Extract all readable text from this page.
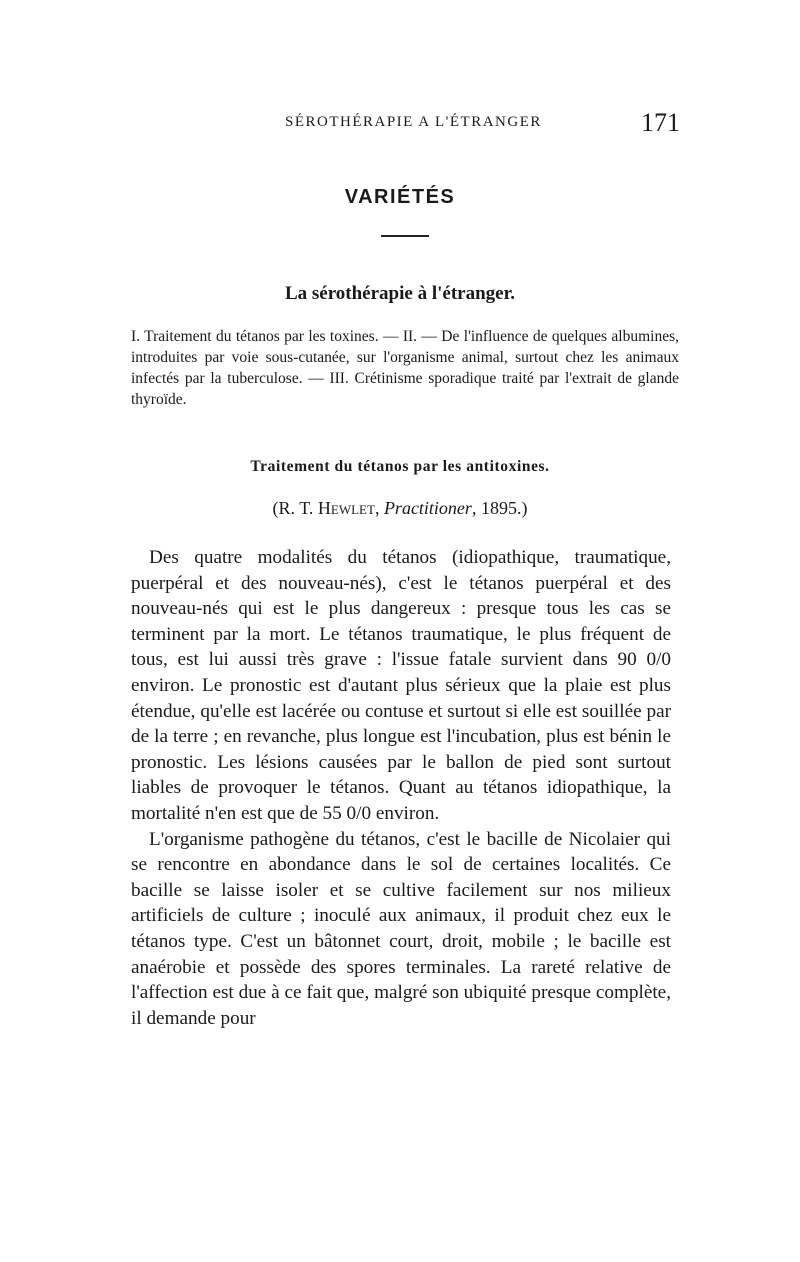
SÉROTHÉRAPIE A L'ÉTRANGER	171
VARIÉTÉS
La sérothérapie à l'étranger.

I. Traitement du tétanos par les toxines. — II. — De l'influence de quelques albumines, introduites par voie sous-cutanée, sur l'organisme animal, surtout chez les animaux infectés par la tuberculose. — III. Crétinisme sporadique traité par l'extrait de glande thyroïde.

Traitement du tétanos par les antitoxines.
(R. T. Hewlet, Practitioner, 1895.)

Des quatre modalités du tétanos (idiopathique, traumatique, puerpéral et des nouveau-nés), c'est le tétanos puerpéral et des nouveau-nés qui est le plus dangereux : presque tous les cas se terminent par la mort. Le tétanos traumatique, le plus fréquent de tous, est lui aussi très grave : l'issue fatale survient dans 90 0/0 environ. Le pronostic est d'autant plus sérieux que la plaie est plus étendue, qu'elle est lacérée ou contuse et surtout si elle est souillée par de la terre ; en revanche, plus longue est l'incubation, plus est bénin le pronostic. Les lésions causées par le ballon de pied sont surtout liables de provoquer le tétanos. Quant au tétanos idiopathique, la mortalité n'en est que de 55 0/0 environ.

L'organisme pathogène du tétanos, c'est le bacille de Nicolaier qui se rencontre en abondance dans le sol de certaines localités. Ce bacille se laisse isoler et se cultive facilement sur nos milieux artificiels de culture ; inoculé aux animaux, il produit chez eux le tétanos type. C'est un bâtonnet court, droit, mobile ; le bacille est anaérobie et possède des spores terminales. La rareté relative de l'affection est due à ce fait que, malgré son ubiquité presque complète, il demande pour
